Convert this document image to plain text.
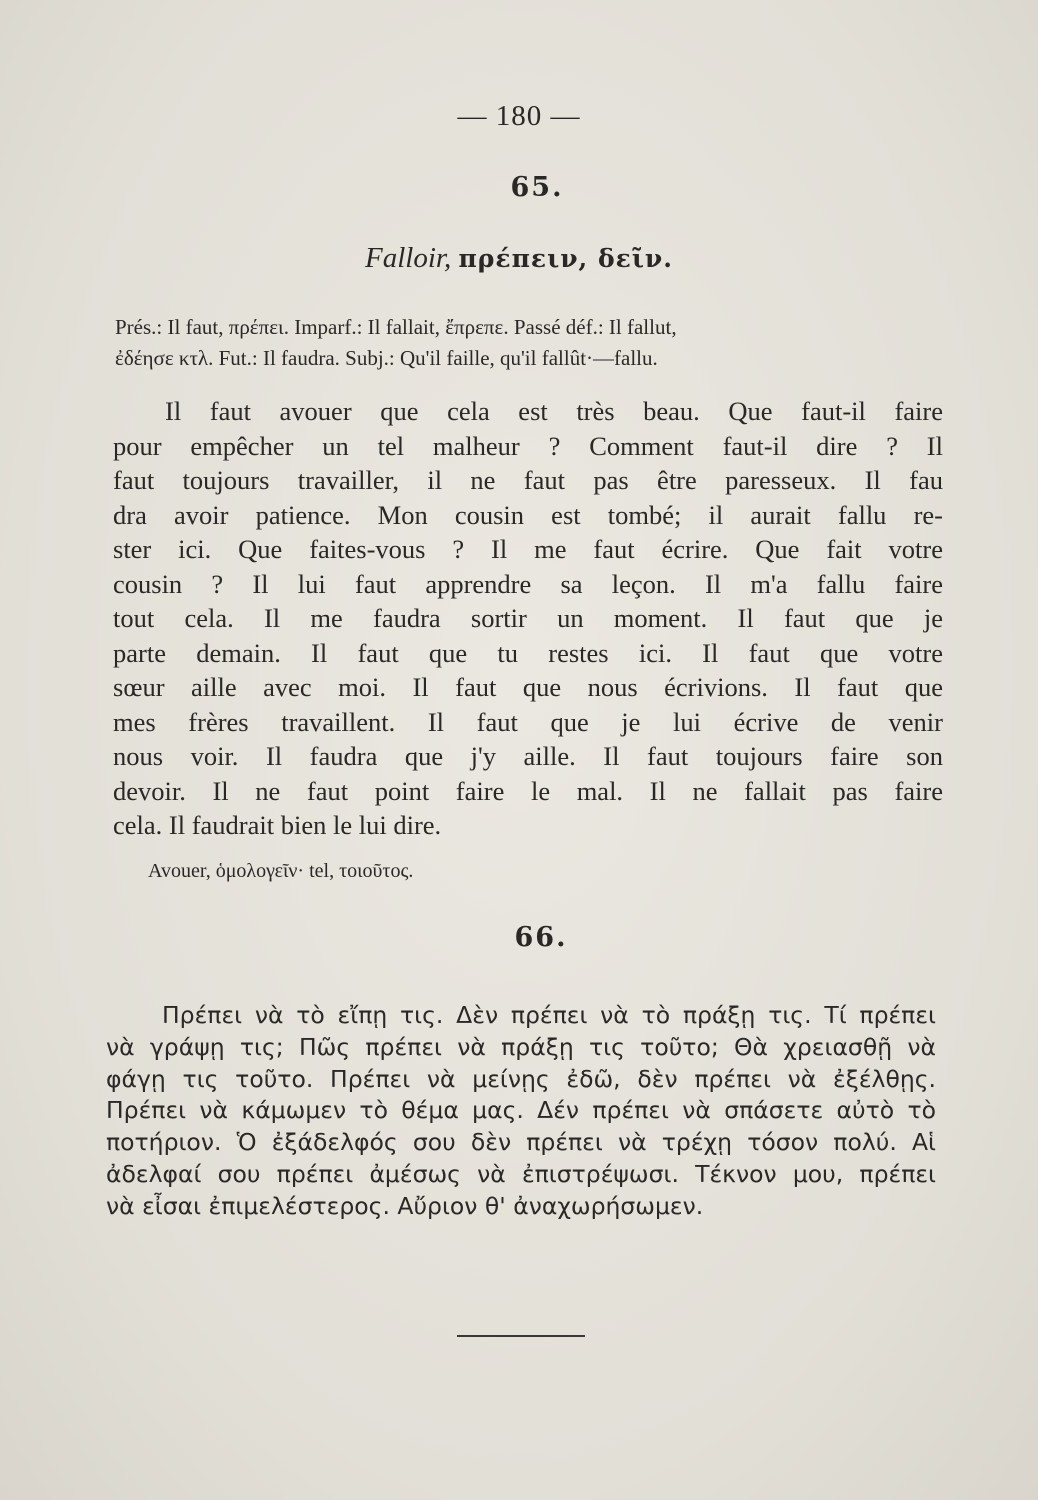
— 180 —
65.
Falloir, πρέπειν, δεῖν.
Prés.: Il faut, πρέπει. Imparf.: Il fallait, ἔπρεπε. Passé déf.: Il fallut,
ἐδέησε κτλ. Fut.: Il faudra. Subj.: Qu'il faille, qu'il fallût·—fallu.
Il faut avouer que cela est très beau. Que faut-il faire
pour empêcher un tel malheur ? Comment faut-il dire ? Il
faut toujours travailler, il ne faut pas être paresseux. Il fau
dra avoir patience. Mon cousin est tombé; il aurait fallu re-
ster ici. Que faites-vous ? Il me faut écrire. Que fait votre
cousin ? Il lui faut apprendre sa leçon. Il m'a fallu faire
tout cela. Il me faudra sortir un moment. Il faut que je
parte demain. Il faut que tu restes ici. Il faut que votre
sœur aille avec moi. Il faut que nous écrivions. Il faut que
mes frères travaillent. Il faut que je lui écrive de venir
nous voir. Il faudra que j'y aille. Il faut toujours faire son
devoir. Il ne faut point faire le mal. Il ne fallait pas faire
cela. Il faudrait bien le lui dire.
Avouer, ὁμολογεῖν· tel, τοιοῦτος.
66.
Πρέπει νὰ τὸ εἴπῃ τις. Δὲν πρέπει νὰ τὸ πράξῃ τις. Τί πρέπει
νὰ γράψῃ τις; Πῶς πρέπει νὰ πράξῃ τις τοῦτο; Θὰ χρειασθῇ νὰ
φάγῃ τις τοῦτο. Πρέπει νὰ μείνῃς ἐδῶ, δὲν πρέπει νὰ ἐξέλθῃς.
Πρέπει νὰ κάμωμεν τὸ θέμα μας. Δέν πρέπει νὰ σπάσετε αὐτὸ τὸ
ποτήριον. Ὁ ἐξάδελφός σου δὲν πρέπει νὰ τρέχῃ τόσον πολύ. Αἱ
ἀδελφαί σου πρέπει ἀμέσως νὰ ἐπιστρέψωσι. Τέκνον μου, πρέπει
νὰ εἶσαι ἐπιμελέστερος. Αὔριον θ' ἀναχωρήσωμεν.
